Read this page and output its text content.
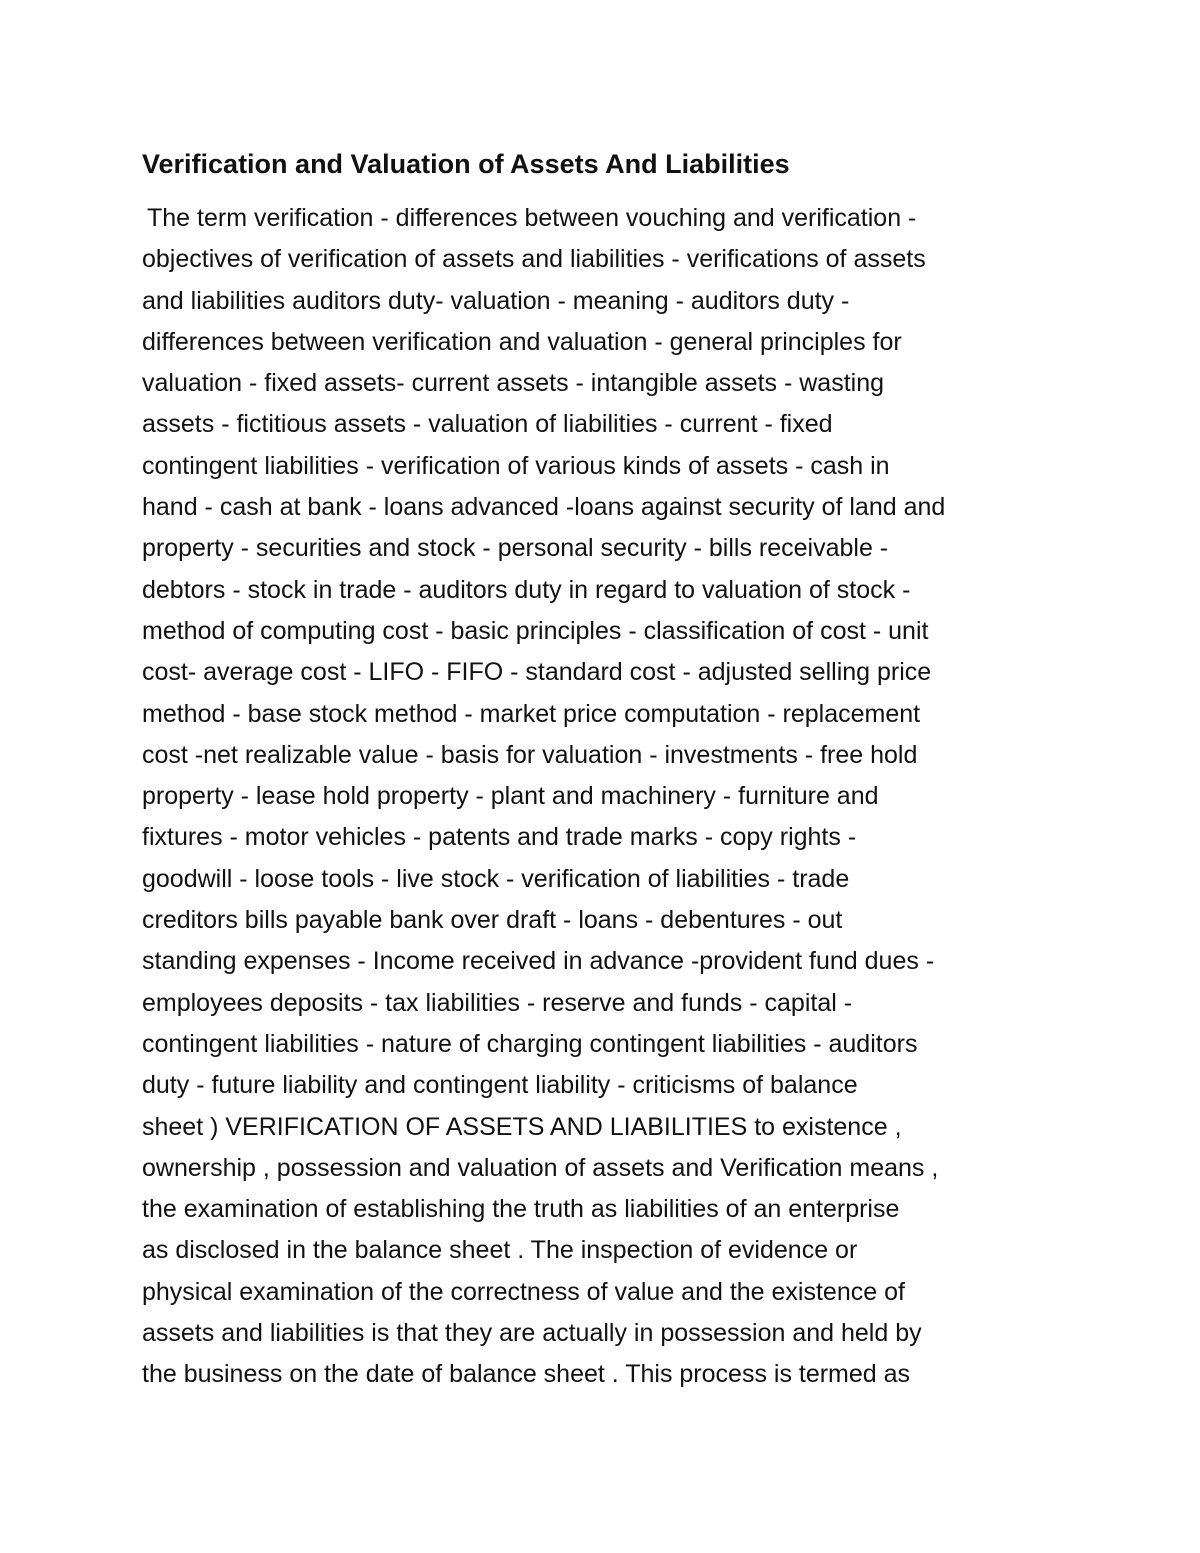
Verification and Valuation of Assets And Liabilities
The term verification - differences between vouching and verification -
objectives of verification of assets and liabilities - verifications of assets
and liabilities auditors duty- valuation - meaning - auditors duty -
differences between verification and valuation - general principles for
valuation - fixed assets- current assets - intangible assets - wasting
assets - fictitious assets - valuation of liabilities - current - fixed
contingent liabilities - verification of various kinds of assets - cash in
hand - cash at bank - loans advanced -loans against security of land and
property - securities and stock - personal security - bills receivable -
debtors - stock in trade - auditors duty in regard to valuation of stock -
method of computing cost - basic principles - classification of cost - unit
cost- average cost - LIFO - FIFO - standard cost - adjusted selling price
method - base stock method - market price computation - replacement
cost -net realizable value - basis for valuation - investments - free hold
property - lease hold property - plant and machinery - furniture and
fixtures - motor vehicles - patents and trade marks - copy rights -
goodwill - loose tools - live stock - verification of liabilities - trade
creditors bills payable bank over draft - loans - debentures - out
standing expenses - Income received in advance -provident fund dues -
employees deposits - tax liabilities - reserve and funds - capital -
contingent liabilities - nature of charging contingent liabilities - auditors
duty - future liability and contingent liability - criticisms of balance
sheet ) VERIFICATION OF ASSETS AND LIABILITIES to existence ,
ownership , possession and valuation of assets and Verification means ,
the examination of establishing the truth as liabilities of an enterprise
as disclosed in the balance sheet . The inspection of evidence or
physical examination of the correctness of value and the existence of
assets and liabilities is that they are actually in possession and held by
the business on the date of balance sheet . This process is termed as
